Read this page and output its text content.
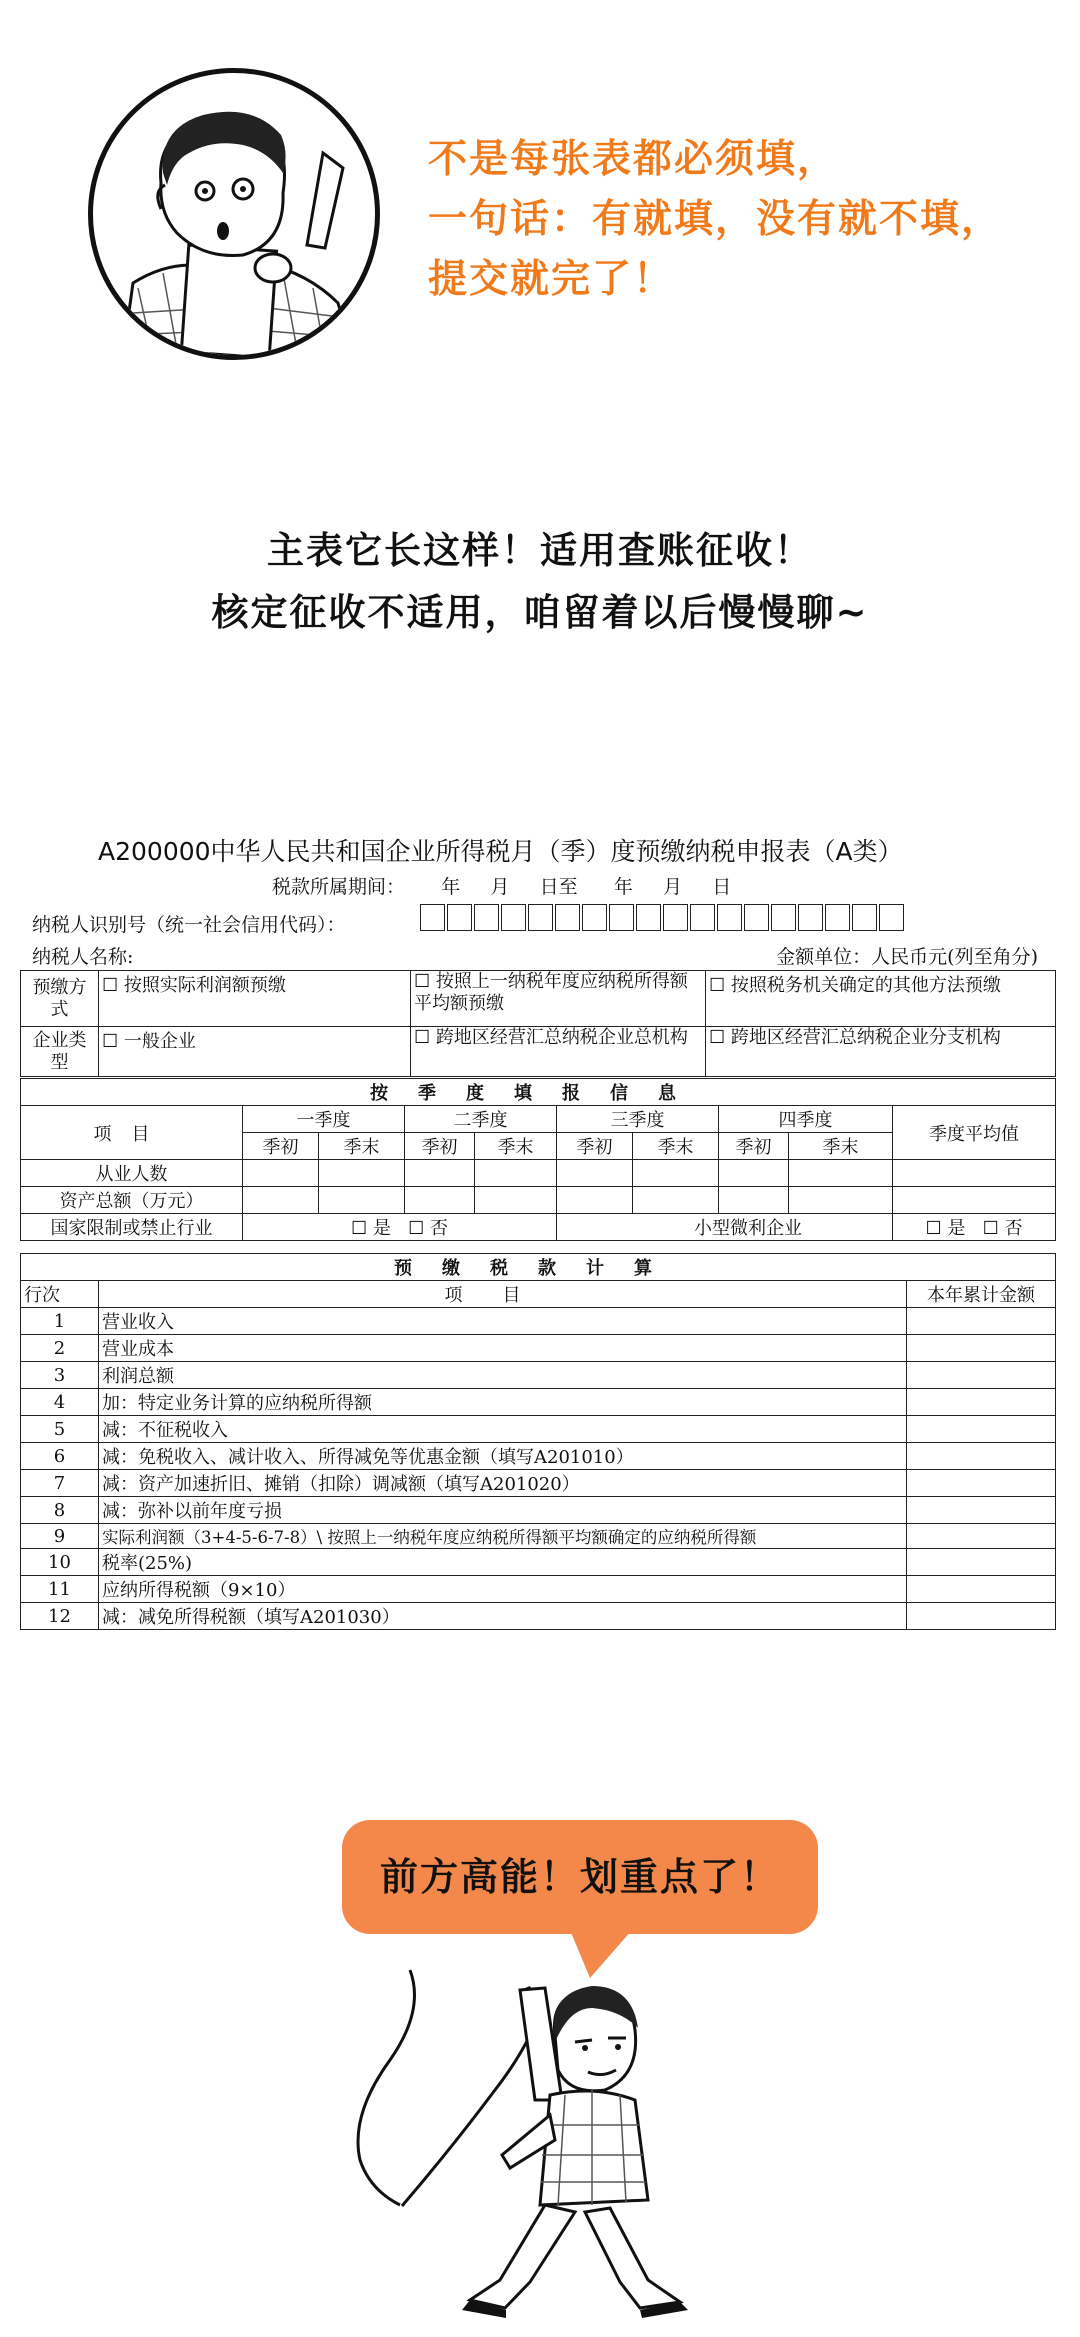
不是每张表都必须填，
一句话：有就填，没有就不填，
提交就完了！
主表它长这样！适用查账征收！
核定征收不适用，咱留着以后慢慢聊~
A200000中华人民共和国企业所得税月（季）度预缴纳税申报表（A类）
税款所属期间：      年     月     日至      年     月     日
纳税人识别号（统一社会信用代码）：
纳税人名称:	金额单位：人民币元(列至角分)
预缴方式	☐ 按照实际利润额预缴	☐ 按照上一纳税年度应纳税所得额平均额预缴	☐ 按照税务机关确定的其他方法预缴
企业类型	☐ 一般企业	☐ 跨地区经营汇总纳税企业总机构	☐ 跨地区经营汇总纳税企业分支机构
按季度填报信息									
项目	一季度		二季度		三季度		四季度		季度平均值
	季初	季末	季初	季末	季初	季末	季初	季末	
从业人数									
资产总额（万元）									
国家限制或禁止行业	☐ 是 ☐ 否				小型微利企业				☐ 是 ☐ 否
预缴税款计算		
行次	项目	本年累计金额
1	营业收入	
2	营业成本	
3	利润总额	
4	加：特定业务计算的应纳税所得额	
5	减：不征税收入	
6	减：免税收入、减计收入、所得减免等优惠金额（填写A201010）	
7	减：资产加速折旧、摊销（扣除）调减额（填写A201020）	
8	减：弥补以前年度亏损	
9	实际利润额（3+4-5-6-7-8）\ 按照上一纳税年度应纳税所得额平均额确定的应纳税所得额	
10	税率(25%)	
11	应纳所得税额（9×10）	
12	减：减免所得税额（填写A201030）	
前方高能！划重点了！
